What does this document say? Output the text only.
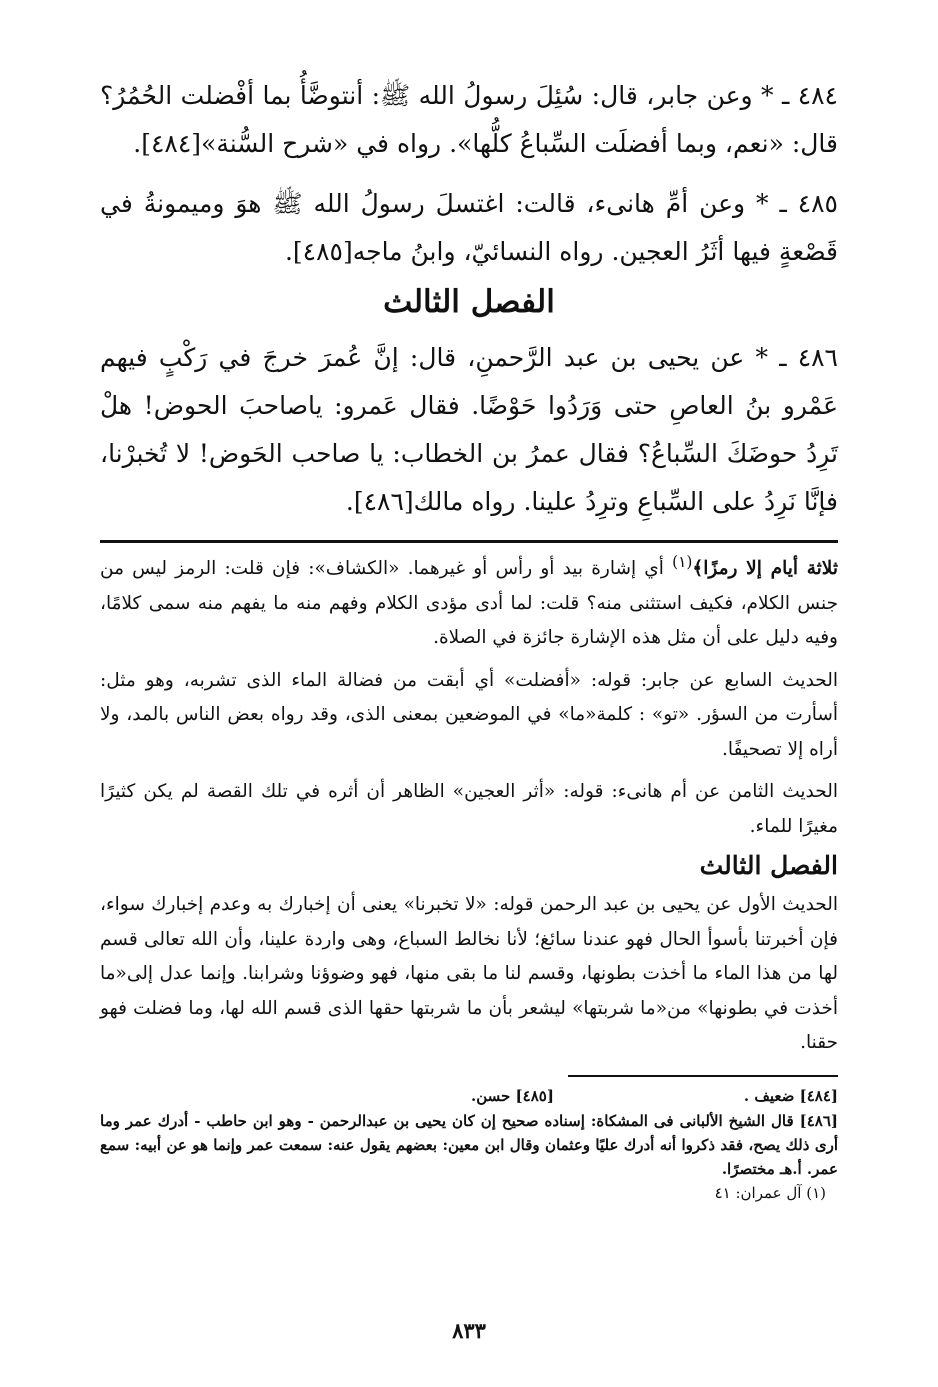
٤٨٤ ـ * وعن جابر، قال: سُئِلَ رسولُ الله ﷺ: أنتوضَّأُ بما أفْضلت الحُمُرُ؟ قال: «نعم، وبما أفضلَت السِّباعُ كلُّها». رواه في «شرح السُّنة»[٤٨٤].

٤٨٥ ـ * وعن أمِّ هانىء، قالت: اغتسلَ رسولُ الله ﷺ هوَ وميمونةُ في قَصْعةٍ فيها أثَرُ العجين. رواه النسائيّ، وابنُ ماجه[٤٨٥].

الفصل الثالث

٤٨٦ ـ * عن يحيى بن عبد الرَّحمنِ، قال: إنَّ عُمرَ خرجَ في رَكْبٍ فيهم عَمْرو بنُ العاصِ حتى وَرَدُوا حَوْضًا. فقال عَمرو: ياصاحبَ الحوض! هلْ تَرِدُ حوضَكَ السِّباعُ؟ فقال عمرُ بن الخطاب: يا صاحب الحَوض! لا تُخبرْنا، فإنَّا نَرِدُ على السِّباعِ وترِدُ علينا. رواه مالك[٤٨٦].

ثلاثة أيام إلا رمزًا﴾$^{(١)}$ أي إشارة بيد أو رأس أو غيرهما. «الكشاف»: فإن قلت: الرمز ليس من جنس الكلام، فكيف استثنى منه؟ قلت: لما أدى مؤدى الكلام وفهم منه ما يفهم منه سمى كلامًا، وفيه دليل على أن مثل هذه الإشارة جائزة في الصلاة.

الحديث السابع عن جابر: قوله: «أفضلت» أي أبقت من فضالة الماء الذى تشربه، وهو مثل: أسأرت من السؤر. «تو» : كلمة«ما» في الموضعين بمعنى الذى، وقد رواه بعض الناس بالمد، ولا أراه إلا تصحيفًا.

الحديث الثامن عن أم هانىء: قوله: «أثر العجين» الظاهر أن أثره في تلك القصة لم يكن كثيرًا مغيرًا للماء.

الفصل الثالث

الحديث الأول عن يحيى بن عبد الرحمن قوله: «لا تخبرنا» يعنى أن إخبارك به وعدم إخبارك سواء، فإن أخبرتنا بأسوأ الحال فهو عندنا سائغ؛ لأنا نخالط السباع، وهى واردة علينا، وأن الله تعالى قسم لها من هذا الماء ما أخذت بطونها، وقسم لنا ما بقى منها، فهو وضوؤنا وشرابنا. وإنما عدل إلى«ما أخذت في بطونها» من«ما شربتها» ليشعر بأن ما شربتها حقها الذى قسم الله لها، وما فضلت فهو حقنا.

[٤٨٤] ضعيف .
[٤٨٥] حسن.

[٤٨٦] قال الشيخ الألبانى فى المشكاة: إسناده صحيح إن كان يحيى بن عبدالرحمن - وهو ابن حاطب - أدرك عمر وما أرى ذلك يصح، فقد ذكروا أنه أدرك عليًا وعثمان وقال ابن معين: بعضهم يقول عنه: سمعت عمر وإنما هو عن أبيه: سمع عمر. أ.هـ مختصرًا.

(١) آل عمران: ٤١

٨٣٣
